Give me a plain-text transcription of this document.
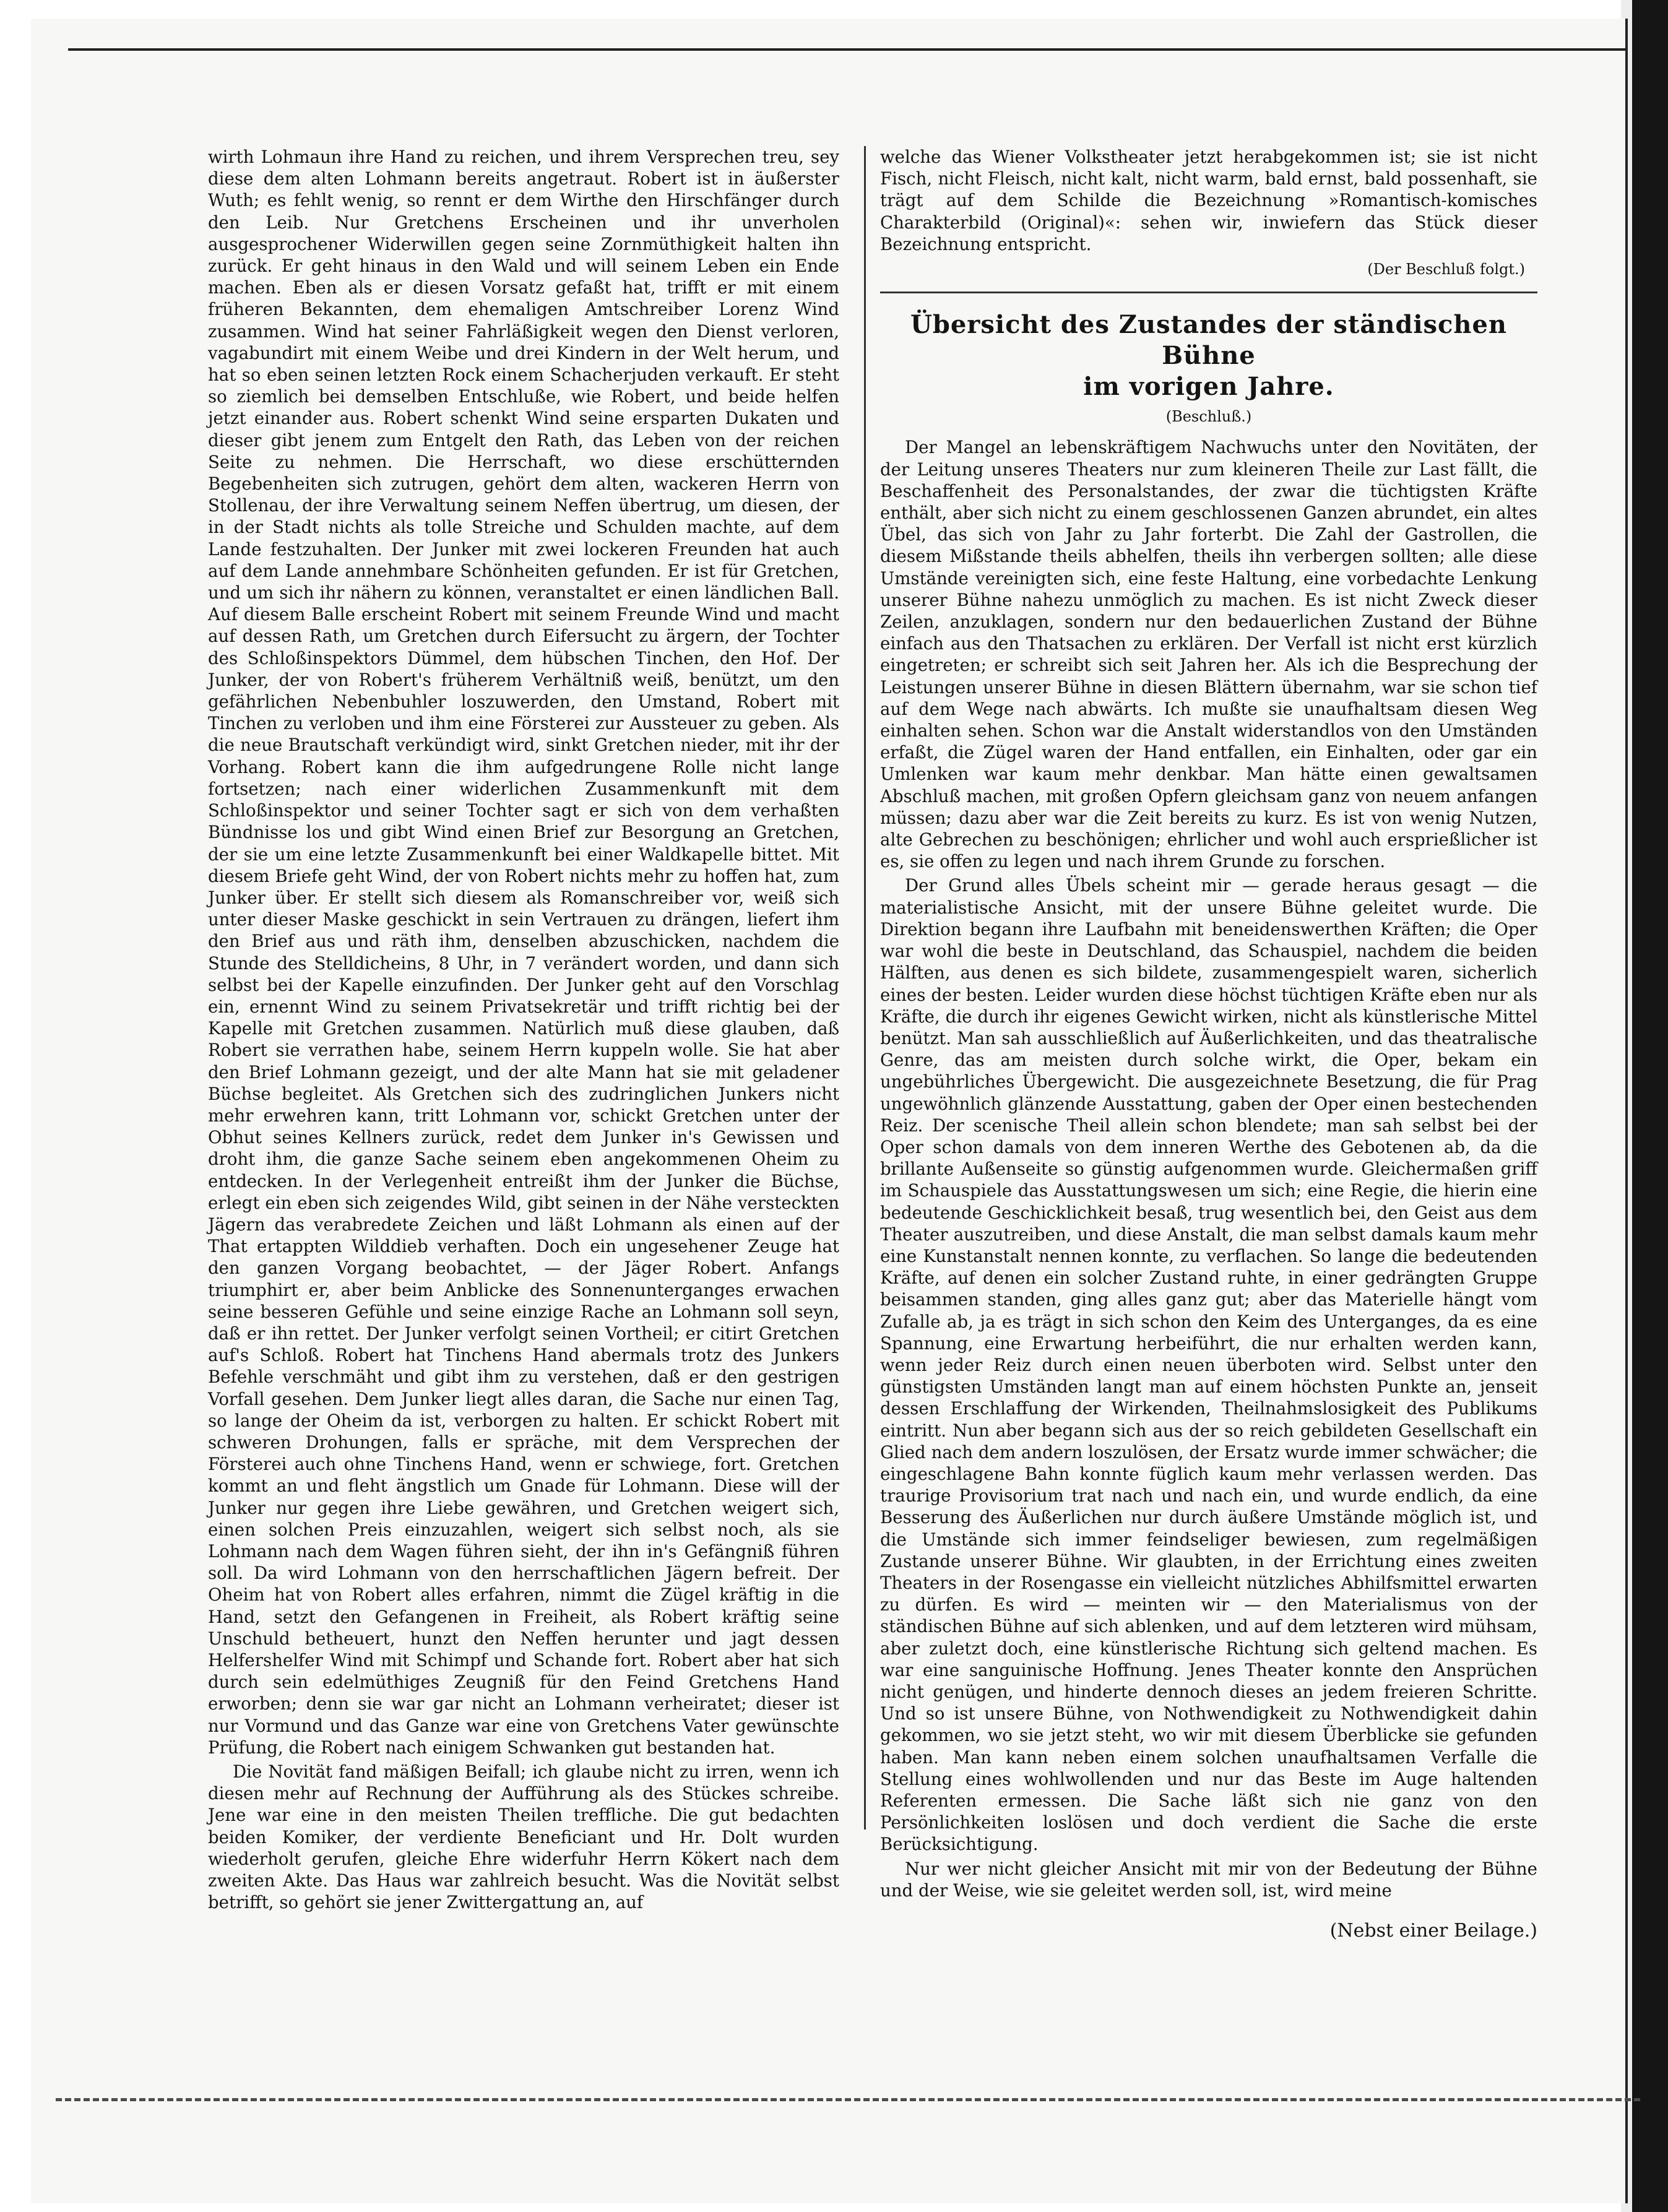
wirth Lohmaun ihre Hand zu reichen, und ihrem Versprechen treu, sey diese dem alten Lohmann bereits angetraut. Robert ist in äußerster Wuth; es fehlt wenig, so rennt er dem Wirthe den Hirschfänger durch den Leib. Nur Gretchens Erscheinen und ihr unverholen ausgesprochener Widerwillen gegen seine Zornmüthigkeit halten ihn zurück. Er geht hinaus in den Wald und will seinem Leben ein Ende machen. Eben als er diesen Vorsatz gefaßt hat, trifft er mit einem früheren Bekannten, dem ehemaligen Amtschreiber Lorenz Wind zusammen. Wind hat seiner Fahrläßigkeit wegen den Dienst verloren, vagabundirt mit einem Weibe und drei Kindern in der Welt herum, und hat so eben seinen letzten Rock einem Schacherjuden verkauft. Er steht so ziemlich bei demselben Entschluße, wie Robert, und beide helfen jetzt einander aus. Robert schenkt Wind seine ersparten Dukaten und dieser gibt jenem zum Entgelt den Rath, das Leben von der reichen Seite zu nehmen. Die Herrschaft, wo diese erschütternden Begebenheiten sich zutrugen, gehört dem alten, wackeren Herrn von Stollenau, der ihre Verwaltung seinem Neffen übertrug, um diesen, der in der Stadt nichts als tolle Streiche und Schulden machte, auf dem Lande festzuhalten. Der Junker mit zwei lockeren Freunden hat auch auf dem Lande annehmbare Schönheiten gefunden. Er ist für Gretchen, und um sich ihr nähern zu können, veranstaltet er einen ländlichen Ball. Auf diesem Balle erscheint Robert mit seinem Freunde Wind und macht auf dessen Rath, um Gretchen durch Eifersucht zu ärgern, der Tochter des Schloßinspektors Dümmel, dem hübschen Tinchen, den Hof. Der Junker, der von Robert's früherem Verhältniß weiß, benützt, um den gefährlichen Nebenbuhler loszuwerden, den Umstand, Robert mit Tinchen zu verloben und ihm eine Försterei zur Aussteuer zu geben. Als die neue Brautschaft verkündigt wird, sinkt Gretchen nieder, mit ihr der Vorhang. Robert kann die ihm aufgedrungene Rolle nicht lange fortsetzen; nach einer widerlichen Zusammenkunft mit dem Schloßinspektor und seiner Tochter sagt er sich von dem verhaßten Bündnisse los und gibt Wind einen Brief zur Besorgung an Gretchen, der sie um eine letzte Zusammenkunft bei einer Waldkapelle bittet. Mit diesem Briefe geht Wind, der von Robert nichts mehr zu hoffen hat, zum Junker über. Er stellt sich diesem als Romanschreiber vor, weiß sich unter dieser Maske geschickt in sein Vertrauen zu drängen, liefert ihm den Brief aus und räth ihm, denselben abzuschicken, nachdem die Stunde des Stelldicheins, 8 Uhr, in 7 verändert worden, und dann sich selbst bei der Kapelle einzufinden. Der Junker geht auf den Vorschlag ein, ernennt Wind zu seinem Privatsekretär und trifft richtig bei der Kapelle mit Gretchen zusammen. Natürlich muß diese glauben, daß Robert sie verrathen habe, seinem Herrn kuppeln wolle. Sie hat aber den Brief Lohmann gezeigt, und der alte Mann hat sie mit geladener Büchse begleitet. Als Gretchen sich des zudringlichen Junkers nicht mehr erwehren kann, tritt Lohmann vor, schickt Gretchen unter der Obhut seines Kellners zurück, redet dem Junker in's Gewissen und droht ihm, die ganze Sache seinem eben angekommenen Oheim zu entdecken. In der Verlegenheit entreißt ihm der Junker die Büchse, erlegt ein eben sich zeigendes Wild, gibt seinen in der Nähe versteckten Jägern das verabredete Zeichen und läßt Lohmann als einen auf der That ertappten Wilddieb verhaften. Doch ein ungesehener Zeuge hat den ganzen Vorgang beobachtet, — der Jäger Robert. Anfangs triumphirt er, aber beim Anblicke des Sonnenunterganges erwachen seine besseren Gefühle und seine einzige Rache an Lohmann soll seyn, daß er ihn rettet. Der Junker verfolgt seinen Vortheil; er citirt Gretchen auf's Schloß. Robert hat Tinchens Hand abermals trotz des Junkers Befehle verschmäht und gibt ihm zu verstehen, daß er den gestrigen Vorfall gesehen. Dem Junker liegt alles daran, die Sache nur einen Tag, so lange der Oheim da ist, verborgen zu halten. Er schickt Robert mit schweren Drohungen, falls er spräche, mit dem Versprechen der Försterei auch ohne Tinchens Hand, wenn er schwiege, fort. Gretchen kommt an und fleht ängstlich um Gnade für Lohmann. Diese will der Junker nur gegen ihre Liebe gewähren, und Gretchen weigert sich, einen solchen Preis einzuzahlen, weigert sich selbst noch, als sie Lohmann nach dem Wagen führen sieht, der ihn in's Gefängniß führen soll. Da wird Lohmann von den herrschaftlichen Jägern befreit. Der Oheim hat von Robert alles erfahren, nimmt die Zügel kräftig in die Hand, setzt den Gefangenen in Freiheit, als Robert kräftig seine Unschuld betheuert, hunzt den Neffen herunter und jagt dessen Helfershelfer Wind mit Schimpf und Schande fort. Robert aber hat sich durch sein edelmüthiges Zeugniß für den Feind Gretchens Hand erworben; denn sie war gar nicht an Lohmann verheiratet; dieser ist nur Vormund und das Ganze war eine von Gretchens Vater gewünschte Prüfung, die Robert nach einigem Schwanken gut bestanden hat.

Die Novität fand mäßigen Beifall; ich glaube nicht zu irren, wenn ich diesen mehr auf Rechnung der Aufführung als des Stückes schreibe. Jene war eine in den meisten Theilen treffliche. Die gut bedachten beiden Komiker, der verdiente Beneficiant und Hr. Dolt wurden wiederholt gerufen, gleiche Ehre widerfuhr Herrn Kökert nach dem zweiten Akte. Das Haus war zahlreich besucht. Was die Novität selbst betrifft, so gehört sie jener Zwittergattung an, auf

welche das Wiener Volkstheater jetzt herabgekommen ist; sie ist nicht Fisch, nicht Fleisch, nicht kalt, nicht warm, bald ernst, bald possenhaft, sie trägt auf dem Schilde die Bezeichnung »Romantisch-komisches Charakterbild (Original)«: sehen wir, inwiefern das Stück dieser Bezeichnung entspricht.

(Der Beschluß folgt.)
Übersicht des Zustandes der ständischen Bühne
im vorigen Jahre.
(Beschluß.)

Der Mangel an lebenskräftigem Nachwuchs unter den Novitäten, der der Leitung unseres Theaters nur zum kleineren Theile zur Last fällt, die Beschaffenheit des Personalstandes, der zwar die tüchtigsten Kräfte enthält, aber sich nicht zu einem geschlossenen Ganzen abrundet, ein altes Übel, das sich von Jahr zu Jahr forterbt. Die Zahl der Gastrollen, die diesem Mißstande theils abhelfen, theils ihn verbergen sollten; alle diese Umstände vereinigten sich, eine feste Haltung, eine vorbedachte Lenkung unserer Bühne nahezu unmöglich zu machen. Es ist nicht Zweck dieser Zeilen, anzuklagen, sondern nur den bedauerlichen Zustand der Bühne einfach aus den Thatsachen zu erklären. Der Verfall ist nicht erst kürzlich eingetreten; er schreibt sich seit Jahren her. Als ich die Besprechung der Leistungen unserer Bühne in diesen Blättern übernahm, war sie schon tief auf dem Wege nach abwärts. Ich mußte sie unaufhaltsam diesen Weg einhalten sehen. Schon war die Anstalt widerstandlos von den Umständen erfaßt, die Zügel waren der Hand entfallen, ein Einhalten, oder gar ein Umlenken war kaum mehr denkbar. Man hätte einen gewaltsamen Abschluß machen, mit großen Opfern gleichsam ganz von neuem anfangen müssen; dazu aber war die Zeit bereits zu kurz. Es ist von wenig Nutzen, alte Gebrechen zu beschönigen; ehrlicher und wohl auch ersprießlicher ist es, sie offen zu legen und nach ihrem Grunde zu forschen.

Der Grund alles Übels scheint mir — gerade heraus gesagt — die materialistische Ansicht, mit der unsere Bühne geleitet wurde. Die Direktion begann ihre Laufbahn mit beneidenswerthen Kräften; die Oper war wohl die beste in Deutschland, das Schauspiel, nachdem die beiden Hälften, aus denen es sich bildete, zusammengespielt waren, sicherlich eines der besten. Leider wurden diese höchst tüchtigen Kräfte eben nur als Kräfte, die durch ihr eigenes Gewicht wirken, nicht als künstlerische Mittel benützt. Man sah ausschließlich auf Äußerlichkeiten, und das theatralische Genre, das am meisten durch solche wirkt, die Oper, bekam ein ungebührliches Übergewicht. Die ausgezeichnete Besetzung, die für Prag ungewöhnlich glänzende Ausstattung, gaben der Oper einen bestechenden Reiz. Der scenische Theil allein schon blendete; man sah selbst bei der Oper schon damals von dem inneren Werthe des Gebotenen ab, da die brillante Außenseite so günstig aufgenommen wurde. Gleichermaßen griff im Schauspiele das Ausstattungswesen um sich; eine Regie, die hierin eine bedeutende Geschicklichkeit besaß, trug wesentlich bei, den Geist aus dem Theater auszutreiben, und diese Anstalt, die man selbst damals kaum mehr eine Kunstanstalt nennen konnte, zu verflachen. So lange die bedeutenden Kräfte, auf denen ein solcher Zustand ruhte, in einer gedrängten Gruppe beisammen standen, ging alles ganz gut; aber das Materielle hängt vom Zufalle ab, ja es trägt in sich schon den Keim des Unterganges, da es eine Spannung, eine Erwartung herbeiführt, die nur erhalten werden kann, wenn jeder Reiz durch einen neuen überboten wird. Selbst unter den günstigsten Umständen langt man auf einem höchsten Punkte an, jenseit dessen Erschlaffung der Wirkenden, Theilnahmslosigkeit des Publikums eintritt. Nun aber begann sich aus der so reich gebildeten Gesellschaft ein Glied nach dem andern loszulösen, der Ersatz wurde immer schwächer; die eingeschlagene Bahn konnte füglich kaum mehr verlassen werden. Das traurige Provisorium trat nach und nach ein, und wurde endlich, da eine Besserung des Äußerlichen nur durch äußere Umstände möglich ist, und die Umstände sich immer feindseliger bewiesen, zum regelmäßigen Zustande unserer Bühne. Wir glaubten, in der Errichtung eines zweiten Theaters in der Rosengasse ein vielleicht nützliches Abhilfsmittel erwarten zu dürfen. Es wird — meinten wir — den Materialismus von der ständischen Bühne auf sich ablenken, und auf dem letzteren wird mühsam, aber zuletzt doch, eine künstlerische Richtung sich geltend machen. Es war eine sanguinische Hoffnung. Jenes Theater konnte den Ansprüchen nicht genügen, und hinderte dennoch dieses an jedem freieren Schritte. Und so ist unsere Bühne, von Nothwendigkeit zu Nothwendigkeit dahin gekommen, wo sie jetzt steht, wo wir mit diesem Überblicke sie gefunden haben. Man kann neben einem solchen unaufhaltsamen Verfalle die Stellung eines wohlwollenden und nur das Beste im Auge haltenden Referenten ermessen. Die Sache läßt sich nie ganz von den Persönlichkeiten loslösen und doch verdient die Sache die erste Berücksichtigung.

Nur wer nicht gleicher Ansicht mit mir von der Bedeutung der Bühne und der Weise, wie sie geleitet werden soll, ist, wird meine

(Nebst einer Beilage.)
